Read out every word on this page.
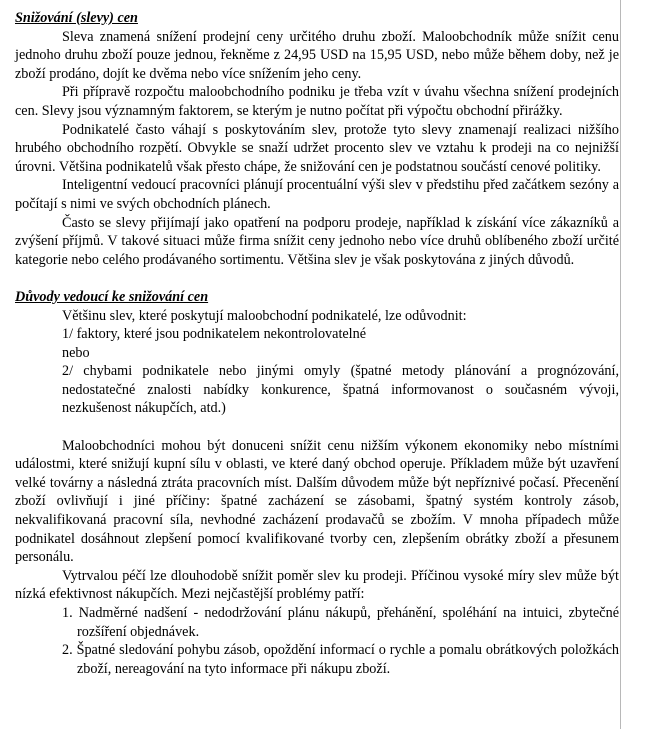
Snižování (slevy) cen

Sleva znamená snížení prodejní ceny určitého druhu zboží. Maloobchodník může snížit cenu jednoho druhu zboží pouze jednou, řekněme z 24,95 USD na 15,95 USD, nebo může během doby, než je zboží prodáno, dojít ke dvěma nebo více snížením jeho ceny.

Při přípravě rozpočtu maloobchodního podniku je třeba vzít v úvahu všechna snížení prodejních cen. Slevy jsou významným faktorem, se kterým je nutno počítat při výpočtu obchodní přirážky.

Podnikatelé často váhají s poskytováním slev, protože tyto slevy znamenají realizaci nižšího hrubého obchodního rozpětí. Obvykle se snaží udržet procento slev ve vztahu k prodeji na co nejnižší úrovni. Většina podnikatelů však přesto chápe, že snižování cen je podstatnou součástí cenové politiky.

Inteligentní vedoucí pracovníci plánují procentuální výši slev v předstihu před začátkem sezóny a počítají s nimi ve svých obchodních plánech.

Často se slevy přijímají jako opatření na podporu prodeje, například k získání více zákazníků a zvýšení příjmů. V takové situaci může firma snížit ceny jednoho nebo více druhů oblíbeného zboží určité kategorie nebo celého prodávaného sortimentu. Většina slev je však poskytována z jiných důvodů.

Důvody vedoucí ke snižování cen

Většinu slev, které poskytují maloobchodní podnikatelé, lze odůvodnit:

1/ faktory, které jsou podnikatelem nekontrolovatelné

nebo

2/ chybami podnikatele nebo jinými omyly (špatné metody plánování a prognózování, nedostatečné znalosti nabídky konkurence, špatná informovanost o současném vývoji, nezkušenost nákupčích, atd.)

Maloobchodníci mohou být donuceni snížit cenu nižším výkonem ekonomiky nebo místními událostmi, které snižují kupní sílu v oblasti, ve které daný obchod operuje. Příkladem může být uzavření velké továrny a následná ztráta pracovních míst. Dalším důvodem může být nepříznivé počasí. Přecenění zboží ovlivňují i jiné příčiny: špatné zacházení se zásobami, špatný systém kontroly zásob, nekvalifikovaná pracovní síla, nevhodné zacházení prodavačů se zbožím. V mnoha případech může podnikatel dosáhnout zlepšení pomocí kvalifikované tvorby cen, zlepšením obrátky zboží a přesunem personálu.

Vytrvalou péčí lze dlouhodobě snížit poměr slev ku prodeji. Příčinou vysoké míry slev může být nízká efektivnost nákupčích. Mezi nejčastější problémy patří:

1. Nadměrné nadšení - nedodržování plánu nákupů, přehánění, spoléhání na intuici, zbytečné rozšíření objednávek.

2. Špatné sledování pohybu zásob, opoždění informací o rychle a pomalu obrátkových položkách zboží, nereagování na tyto informace při nákupu zboží.
